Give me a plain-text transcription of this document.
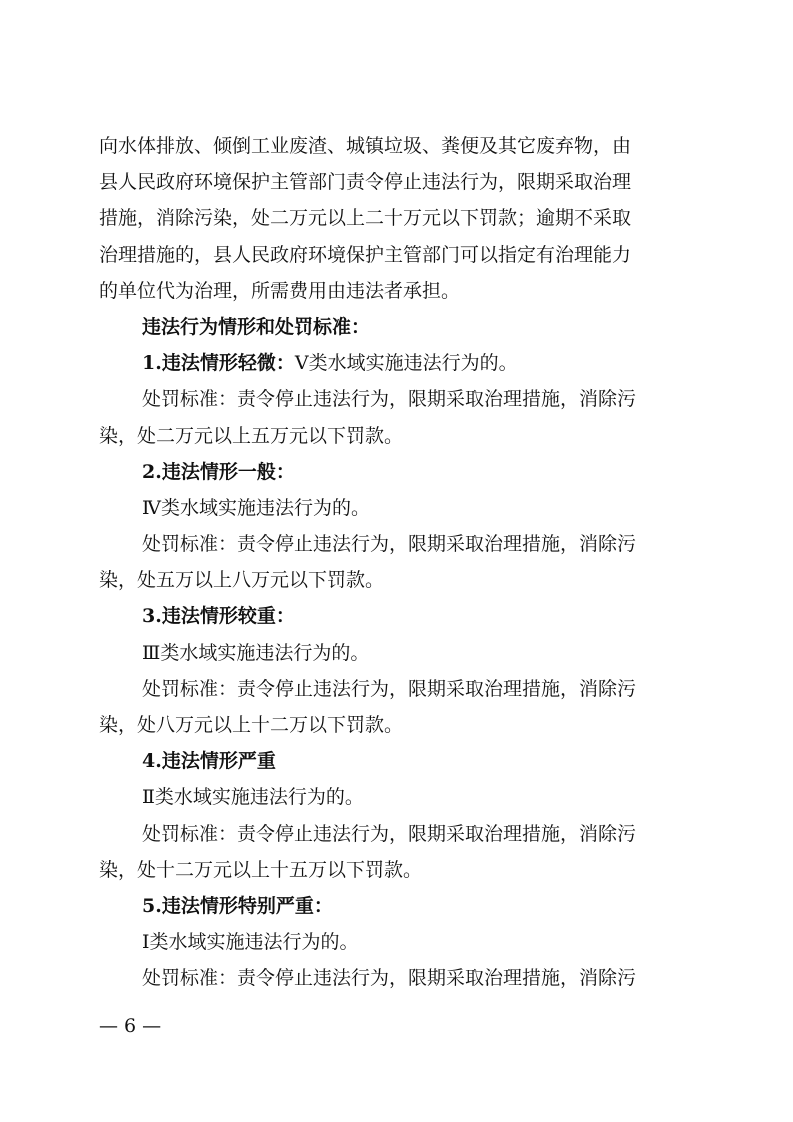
向水体排放、倾倒工业废渣、城镇垃圾、粪便及其它废弃物，由
县人民政府环境保护主管部门责令停止违法行为，限期采取治理
措施，消除污染，处二万元以上二十万元以下罚款；逾期不采取
治理措施的，县人民政府环境保护主管部门可以指定有治理能力
的单位代为治理，所需费用由违法者承担。
违法行为情形和处罚标准：
1.违法情形轻微：Ⅴ类水域实施违法行为的。
处罚标准：责令停止违法行为，限期采取治理措施，消除污
染，处二万元以上五万元以下罚款。
2.违法情形一般：
Ⅳ类水域实施违法行为的。
处罚标准：责令停止违法行为，限期采取治理措施，消除污
染，处五万以上八万元以下罚款。
3.违法情形较重：
Ⅲ类水域实施违法行为的。
处罚标准：责令停止违法行为，限期采取治理措施，消除污
染，处八万元以上十二万以下罚款。
4.违法情形严重
Ⅱ类水域实施违法行为的。
处罚标准：责令停止违法行为，限期采取治理措施，消除污
染，处十二万元以上十五万以下罚款。
5.违法情形特别严重：
Ⅰ类水域实施违法行为的。
处罚标准：责令停止违法行为，限期采取治理措施，消除污
— 6 —
